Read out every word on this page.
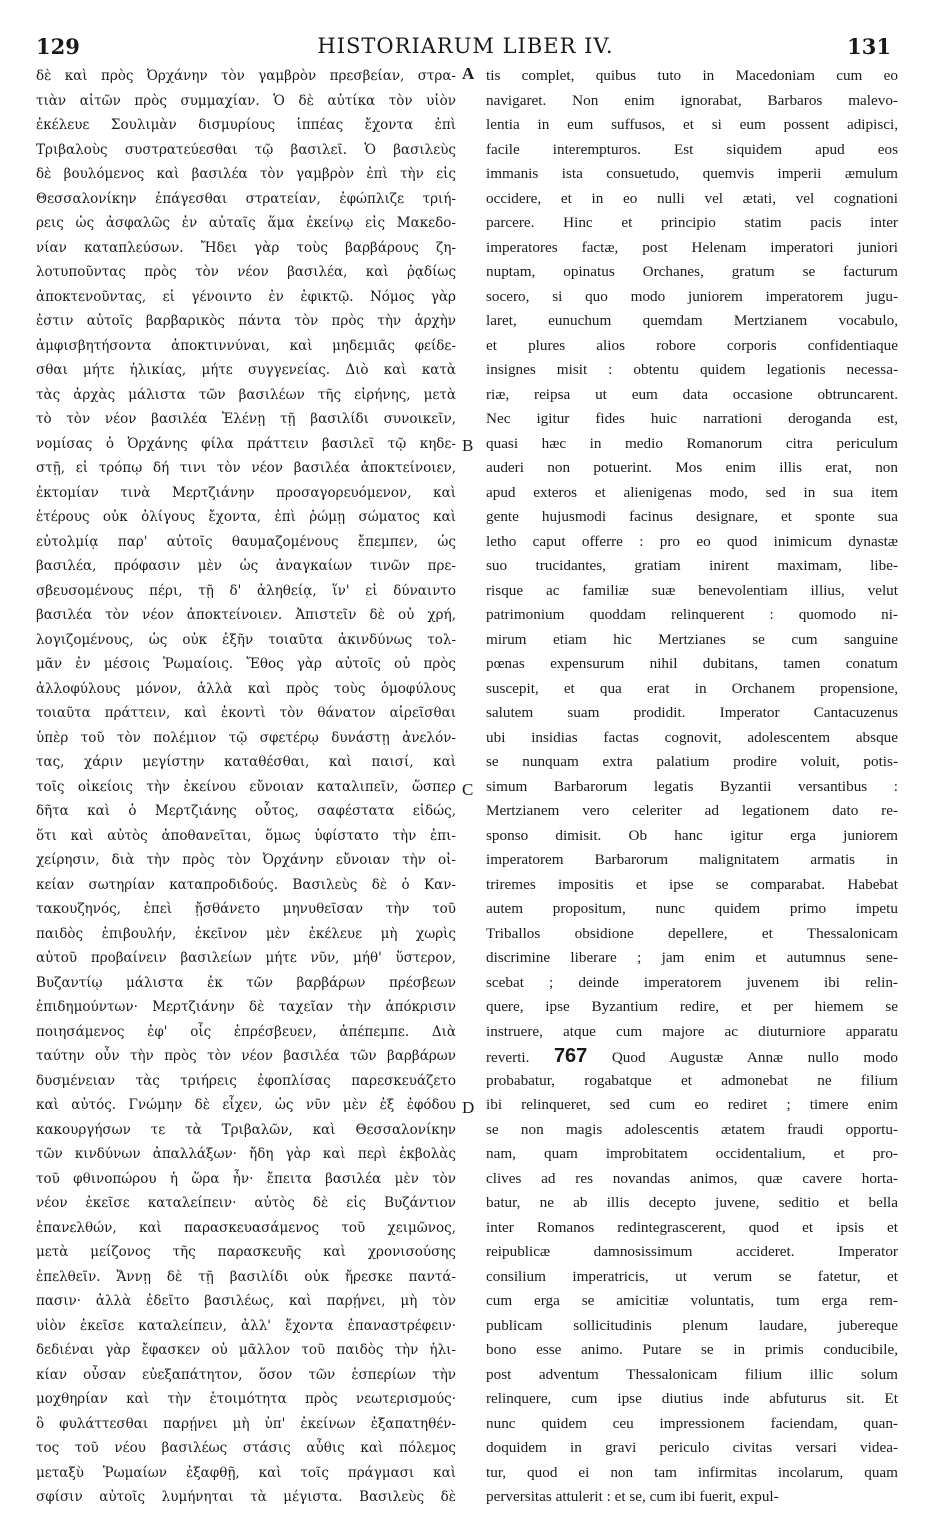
129	HISTORIARUM LIBER IV.	131
δὲ καὶ πρὸς Ὀρχάνην τὸν γαμβρὸν πρεσβείαν, στρα-
τιὰν αἰτῶν πρὸς συμμαχίαν. Ὁ δὲ αὐτίκα τὸν υἱὸν
ἐκέλευε Σουλιμὰν δισμυρίους ἱππέας ἔχοντα ἐπὶ
Τριβαλοὺς συστρατεύεσθαι τῷ βασιλεῖ. Ὁ βασιλεὺς
δὲ βουλόμενος καὶ βασιλέα τὸν γαμβρὸν ἐπὶ τὴν εἰς
Θεσσαλονίκην ἐπάγεσθαι στρατείαν, ἐφώπλιζε τριή-
ρεις ὡς ἀσφαλῶς ἐν αὐταῖς ἅμα ἐκείνῳ εἰς Μακεδο-
νίαν καταπλεύσων. Ἤδει γὰρ τοὺς βαρβάρους ζη-
λοτυποῦντας πρὸς τὸν νέον βασιλέα, καὶ ῥᾳδίως
ἀποκτενοῦντας, εἰ γένοιντο ἐν ἐφικτῷ. Νόμος γὰρ
ἐστιν αὐτοῖς βαρβαρικὸς πάντα τὸν πρὸς τὴν ἀρχὴν
ἀμφισβητήσοντα ἀποκτιννύναι, καὶ μηδεμιᾶς φείδε-
σθαι μήτε ἡλικίας, μήτε συγγενείας. Διὸ καὶ κατὰ
τὰς ἀρχὰς μάλιστα τῶν βασιλέων τῆς εἰρήνης, μετὰ
τὸ τὸν νέον βασιλέα Ἑλένῃ τῇ βασιλίδι συνοικεῖν,
νομίσας ὁ Ὀρχάνης φίλα πράττειν βασιλεῖ τῷ κηδε-
στῇ, εἰ τρόπῳ δή τινι τὸν νέον βασιλέα ἀποκτείνοιεν,
ἐκτομίαν τινὰ Μερτζιάνην προσαγορευόμενον, καὶ
ἑτέρους οὐκ ὀλίγους ἔχοντα, ἐπὶ ῥώμῃ σώματος καὶ
εὐτολμίᾳ παρ' αὐτοῖς θαυμαζομένους ἔπεμπεν, ὡς
βασιλέα, πρόφασιν μὲν ὡς ἀναγκαίων τινῶν πρε-
σβευσομένους πέρι, τῇ δ' ἀληθείᾳ, ἵν' εἰ δύναιντο
βασιλέα τὸν νέον ἀποκτείνοιεν. Ἀπιστεῖν δὲ οὐ χρή,
λογιζομένους, ὡς οὐκ ἐξῆν τοιαῦτα ἀκινδύνως τολ-
μᾶν ἐν μέσοις Ῥωμαίοις. Ἔθος γὰρ αὐτοῖς οὐ πρὸς
ἀλλοφύλους μόνον, ἀλλὰ καὶ πρὸς τοὺς ὁμοφύλους
τοιαῦτα πράττειν, καὶ ἑκοντὶ τὸν θάνατον αἱρεῖσθαι
ὑπὲρ τοῦ τὸν πολέμιον τῷ σφετέρῳ δυνάστῃ ἀνελόν-
τας, χάριν μεγίστην καταθέσθαι, καὶ παισί, καὶ
τοῖς οἰκείοις τὴν ἐκείνου εὔνοιαν καταλιπεῖν, ὥσπερ
δῆτα καὶ ὁ Μερτζιάνης οὗτος, σαφέστατα εἰδώς,
ὅτι καὶ αὐτὸς ἀποθανεῖται, ὅμως ὑφίστατο τὴν ἐπι-
χείρησιν, διὰ τὴν πρὸς τὸν Ὀρχάνην εὔνοιαν τὴν οἰ-
κείαν σωτηρίαν καταπροδιδούς. Βασιλεὺς δὲ ὁ Καν-
τακουζηνός, ἐπεὶ ᾔσθάνετο μηνυθεῖσαν τὴν τοῦ
παιδὸς ἐπιβουλήν, ἐκεῖνον μὲν ἐκέλευε μὴ χωρὶς
αὐτοῦ προβαίνειν βασιλείων μήτε νῦν, μήθ' ὕστερον,
Βυζαντίῳ μάλιστα ἐκ τῶν βαρβάρων πρέσβεων
ἐπιδημούντων· Μερτζιάνην δὲ ταχεῖαν τὴν ἀπόκρισιν
ποιησάμενος ἐφ' οἷς ἐπρέσβευεν, ἀπέπεμπε. Διὰ
ταύτην οὖν τὴν πρὸς τὸν νέον βασιλέα τῶν βαρβάρων
δυσμένειαν τὰς τριήρεις ἐφοπλίσας παρεσκευάζετο
καὶ αὐτός. Γνώμην δὲ εἶχεν, ὡς νῦν μὲν ἐξ ἐφόδου
κακουργήσων τε τὰ Τριβαλῶν, καὶ Θεσσαλονίκην
τῶν κινδύνων ἀπαλλάξων· ἤδη γὰρ καὶ περὶ ἐκβολὰς
τοῦ φθινοπώρου ἡ ὥρα ἦν· ἔπειτα βασιλέα μὲν τὸν
νέον ἐκεῖσε καταλείπειν· αὐτὸς δὲ εἰς Βυζάντιον
ἐπανελθών, καὶ παρασκευασάμενος τοῦ χειμῶνος,
μετὰ μείζονος τῆς παρασκευῆς καὶ χρονισούσης
ἐπελθεῖν. Ἄννῃ δὲ τῇ βασιλίδι οὐκ ἤρεσκε παντά-
πασιν· ἀλλὰ ἐδεῖτο βασιλέως, καὶ παρῄνει, μὴ τὸν
υἱὸν ἐκεῖσε καταλείπειν, ἀλλ' ἔχοντα ἐπαναστρέφειν·
δεδιέναι γὰρ ἔφασκεν οὐ μᾶλλον τοῦ παιδὸς τὴν ἡλι-
κίαν οὖσαν εὐεξαπάτητον, ὅσον τῶν ἑσπερίων τὴν
μοχθηρίαν καὶ τὴν ἑτοιμότητα πρὸς νεωτερισμούς·
ὃ φυλάττεσθαι παρῄνει μὴ ὑπ' ἐκείνων ἐξαπατηθέν-
τος τοῦ νέου βασιλέως στάσις αὖθις καὶ πόλεμος
μεταξὺ Ῥωμαίων ἐξαφθῇ, καὶ τοῖς πράγμασι καὶ
σφίσιν αὐτοῖς λυμήνηται τὰ μέγιστα. Βασιλεὺς δὲ
A
B
C
D
tis complet, quibus tuto in Macedoniam cum eo
navigaret. Non enim ignorabat, Barbaros malevo-
lentia in eum suffusos, et si eum possent adipisci,
facile interempturos. Est siquidem apud eos
immanis ista consuetudo, quemvis imperii æmulum
occidere, et in eo nulli vel ætati, vel cognationi
parcere. Hinc et principio statim pacis inter
imperatores factæ, post Helenam imperatori juniori
nuptam, opinatus Orchanes, gratum se facturum
socero, si quo modo juniorem imperatorem jugu-
laret, eunuchum quemdam Mertzianem vocabulo,
et plures alios robore corporis confidentiaque
insignes misit : obtentu quidem legationis necessa-
riæ, reipsa ut eum data occasione obtruncarent.
Nec igitur fides huic narrationi deroganda est,
quasi hæc in medio Romanorum citra periculum
auderi non potuerint. Mos enim illis erat, non
apud exteros et alienigenas modo, sed in sua item
gente hujusmodi facinus designare, et sponte sua
letho caput offerre : pro eo quod inimicum dynastæ
suo trucidantes, gratiam inirent maximam, libe-
risque ac familiæ suæ benevolentiam illius, velut
patrimonium quoddam relinquerent : quomodo ni-
mirum etiam hic Mertzianes se cum sanguine
pœnas expensurum nihil dubitans, tamen conatum
suscepit, et qua erat in Orchanem propensione,
salutem suam prodidit. Imperator Cantacuzenus
ubi insidias factas cognovit, adolescentem absque
se nunquam extra palatium prodire voluit, potis-
simum Barbarorum legatis Byzantii versantibus :
Mertzianem vero celeriter ad legationem dato re-
sponso dimisit. Ob hanc igitur erga juniorem
imperatorem Barbarorum malignitatem armatis in
triremes impositis et ipse se comparabat. Habebat
autem propositum, nunc quidem primo impetu
Triballos obsidione depellere, et Thessalonicam
discrimine liberare ; jam enim et autumnus sene-
scebat ; deinde imperatorem juvenem ibi relin-
quere, ipse Byzantium redire, et per hiemem se
instruere, atque cum majore ac diuturniore apparatu
reverti. 767 Quod Augustæ Annæ nullo modo
probabatur, rogabatque et admonebat ne filium
ibi relinqueret, sed cum eo rediret ; timere enim
se non magis adolescentis ætatem fraudi opportu-
nam, quam improbitatem occidentalium, et pro-
clives ad res novandas animos, quæ cavere horta-
batur, ne ab illis decepto juvene, seditio et bella
inter Romanos redintegrascerent, quod et ipsis et
reipublicæ damnosissimum accideret. Imperator
consilium imperatricis, ut verum se fatetur, et
cum erga se amicitiæ voluntatis, tum erga rem-
publicam sollicitudinis plenum laudare, jubereque
bono esse animo. Putare se in primis conducibile,
post adventum Thessalonicam filium illic solum
relinquere, cum ipse diutius inde abfuturus sit. Et
nunc quidem ceu impressionem faciendam, quan-
doquidem in gravi periculo civitas versari videa-
tur, quod ei non tam infirmitas incolarum, quam
perversitas attulerit : et se, cum ibi fuerit, expul-
